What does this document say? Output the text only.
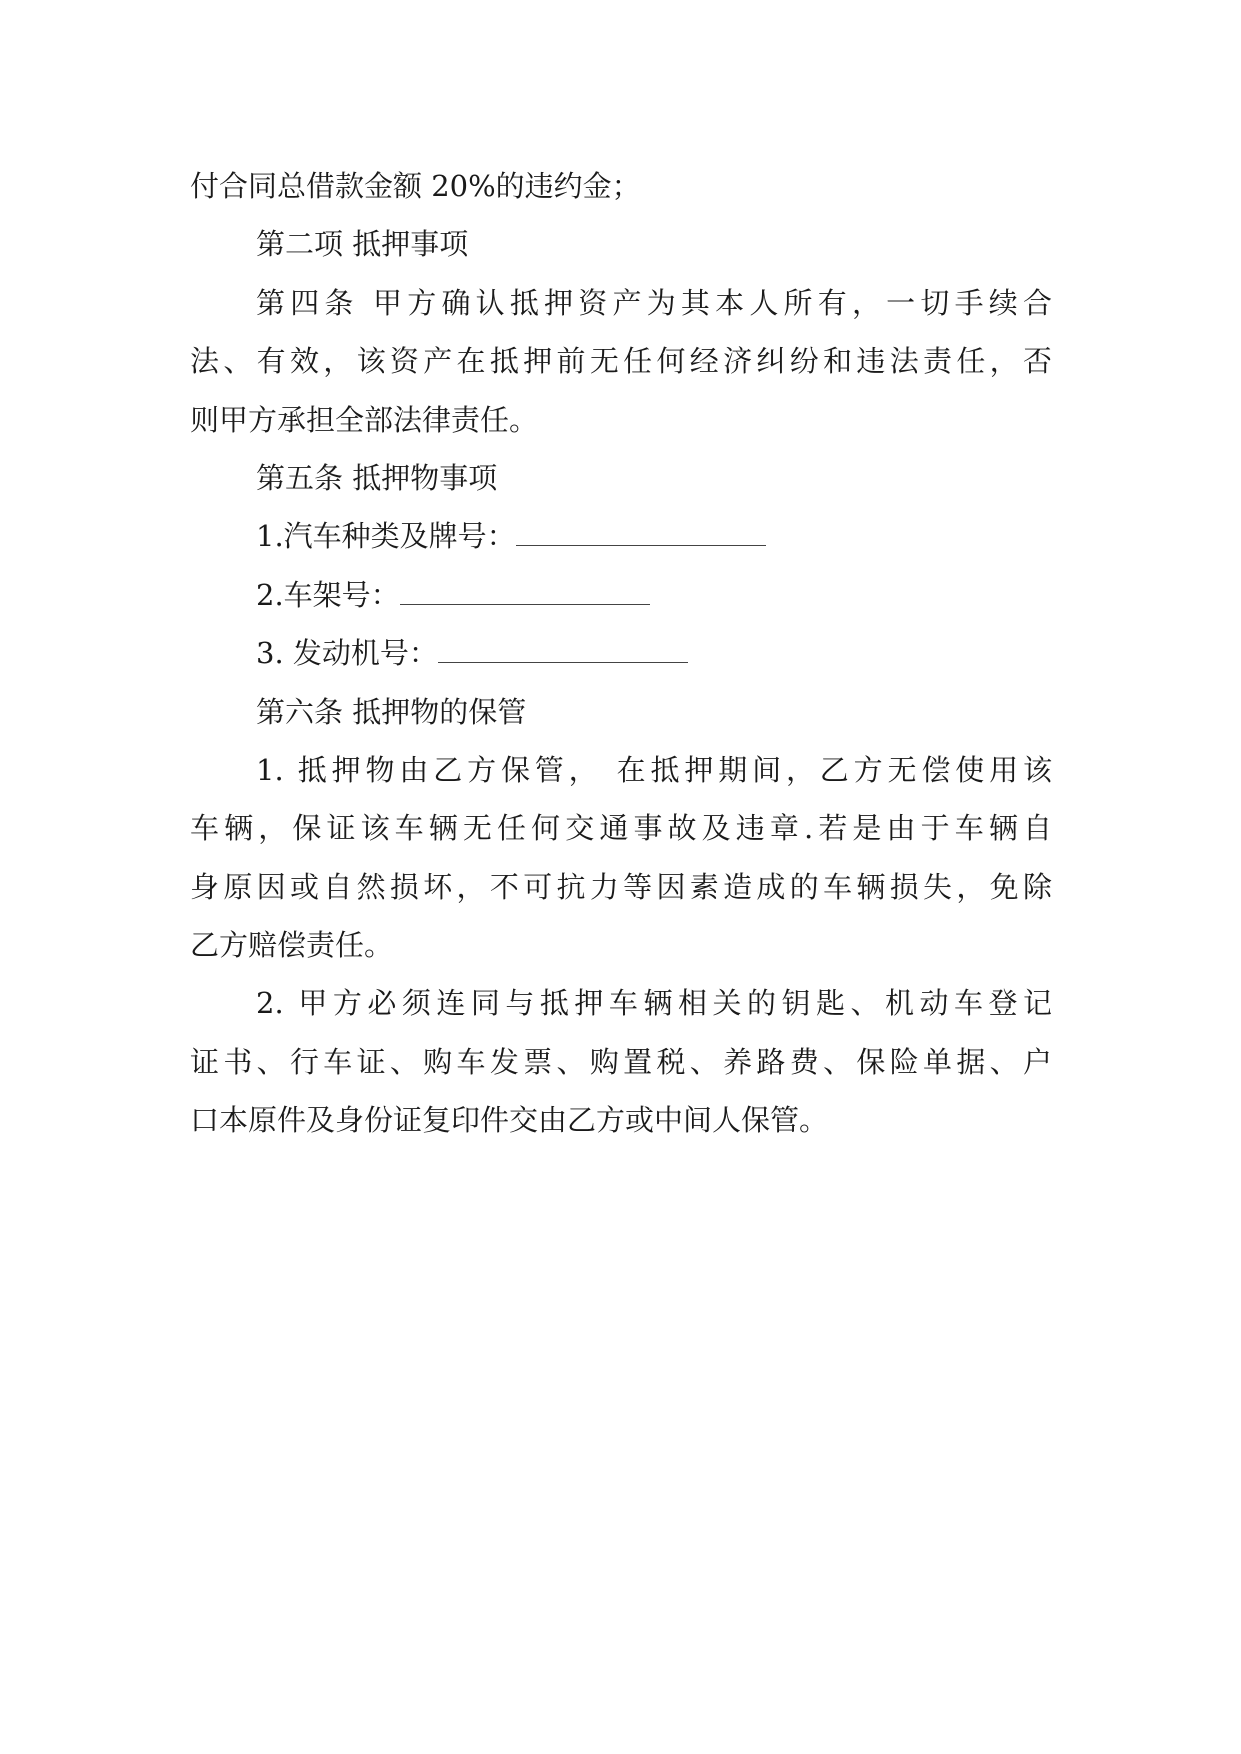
付合同总借款金额 20%的违约金；
第二项 抵押事项
第四条 甲方确认抵押资产为其本人所有，一切手续合
法、有效，该资产在抵押前无任何经济纠纷和违法责任，否
则甲方承担全部法律责任。
第五条 抵押物事项
1.汽车种类及牌号：
2.车架号：
3. 发动机号：
第六条 抵押物的保管
1. 抵押物由乙方保管， 在抵押期间，乙方无偿使用该
车辆，保证该车辆无任何交通事故及违章.若是由于车辆自
身原因或自然损坏，不可抗力等因素造成的车辆损失，免除
乙方赔偿责任。
2. 甲方必须连同与抵押车辆相关的钥匙、机动车登记
证书、行车证、购车发票、购置税、养路费、保险单据、户
口本原件及身份证复印件交由乙方或中间人保管。
